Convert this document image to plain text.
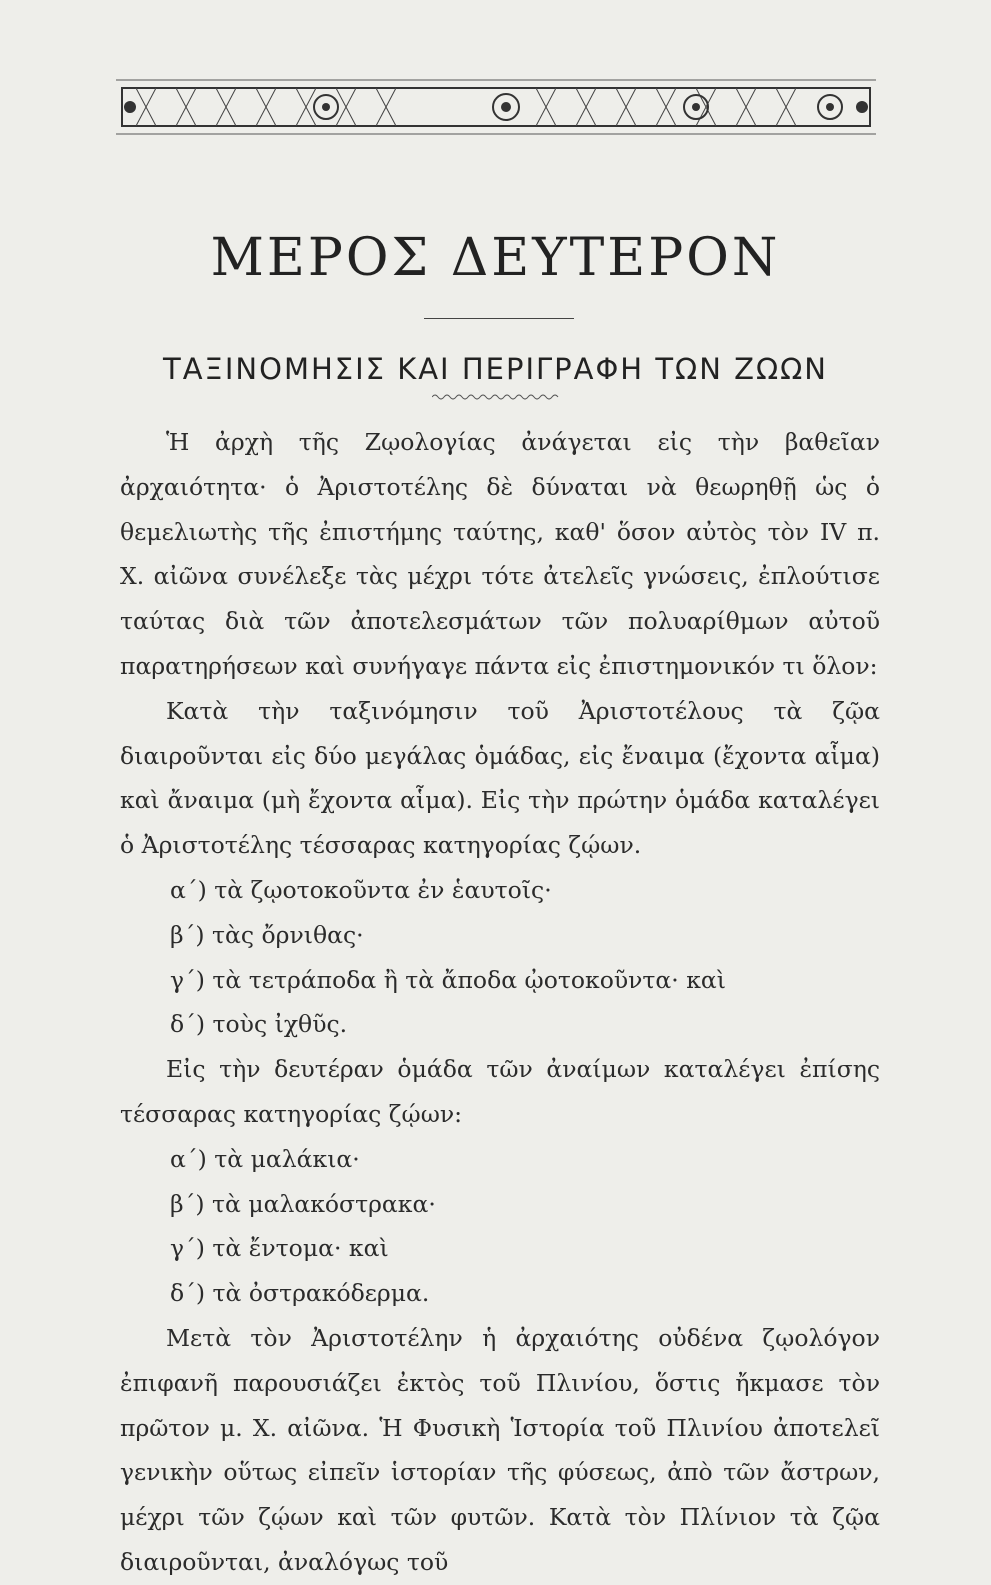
ΜΕΡΟΣ ΔΕΥΤΕΡΟΝ
ΤΑΞΙΝΟΜΗΣΙΣ ΚΑΙ ΠΕΡΙΓΡΑΦΗ ΤΩΝ ΖΩΩΝ

Ἡ ἀρχὴ τῆς Ζῳολογίας ἀνάγεται εἰς τὴν βαθεῖαν ἀρχαιότητα· ὁ Ἀριστοτέλης δὲ δύναται νὰ θεωρηθῇ ὡς ὁ θεμελιωτὴς τῆς ἐπιστήμης ταύτης, καθ' ὅσον αὐτὸς τὸν IV π. Χ. αἰῶνα συνέλεξε τὰς μέχρι τότε ἀτελεῖς γνώσεις, ἐπλούτισε ταύτας διὰ τῶν ἀποτελεσμάτων τῶν πολυαρίθμων αὐτοῦ παρατηρήσεων καὶ συνήγαγε πάντα εἰς ἐπιστημονικόν τι ὅλον:

Κατὰ τὴν ταξινόμησιν τοῦ Ἀριστοτέλους τὰ ζῷα διαιροῦνται εἰς δύο μεγάλας ὁμάδας, εἰς ἔναιμα (ἔχοντα αἷμα) καὶ ἄναιμα (μὴ ἔχοντα αἷμα). Εἰς τὴν πρώτην ὁμάδα καταλέγει ὁ Ἀριστοτέλης τέσσαρας κατηγορίας ζῴων.

α΄) τὰ ζῳοτοκοῦντα ἐν ἑαυτοῖς·

β΄) τὰς ὄρνιθας·

γ΄) τὰ τετράποδα ἢ τὰ ἄποδα ᾠοτοκοῦντα· καὶ

δ΄) τοὺς ἰχθῦς.

Εἰς τὴν δευτέραν ὁμάδα τῶν ἀναίμων καταλέγει ἐπίσης τέσσαρας κατηγορίας ζῴων:

α΄) τὰ μαλάκια·

β΄) τὰ μαλακόστρακα·

γ΄) τὰ ἔντομα· καὶ

δ΄) τὰ ὀστρακόδερμα.

Μετὰ τὸν Ἀριστοτέλην ἡ ἀρχαιότης οὐδένα ζῳολόγον ἐπιφανῆ παρουσιάζει ἐκτὸς τοῦ Πλινίου, ὅστις ἤκμασε τὸν πρῶτον μ. Χ. αἰῶνα. Ἡ Φυσικὴ Ἱστορία τοῦ Πλινίου ἀποτελεῖ γενικὴν οὕτως εἰπεῖν ἱστορίαν τῆς φύσεως, ἀπὸ τῶν ἄστρων, μέχρι τῶν ζῴων καὶ τῶν φυτῶν. Κατὰ τὸν Πλίνιον τὰ ζῷα διαιροῦνται, ἀναλόγως τοῦ
